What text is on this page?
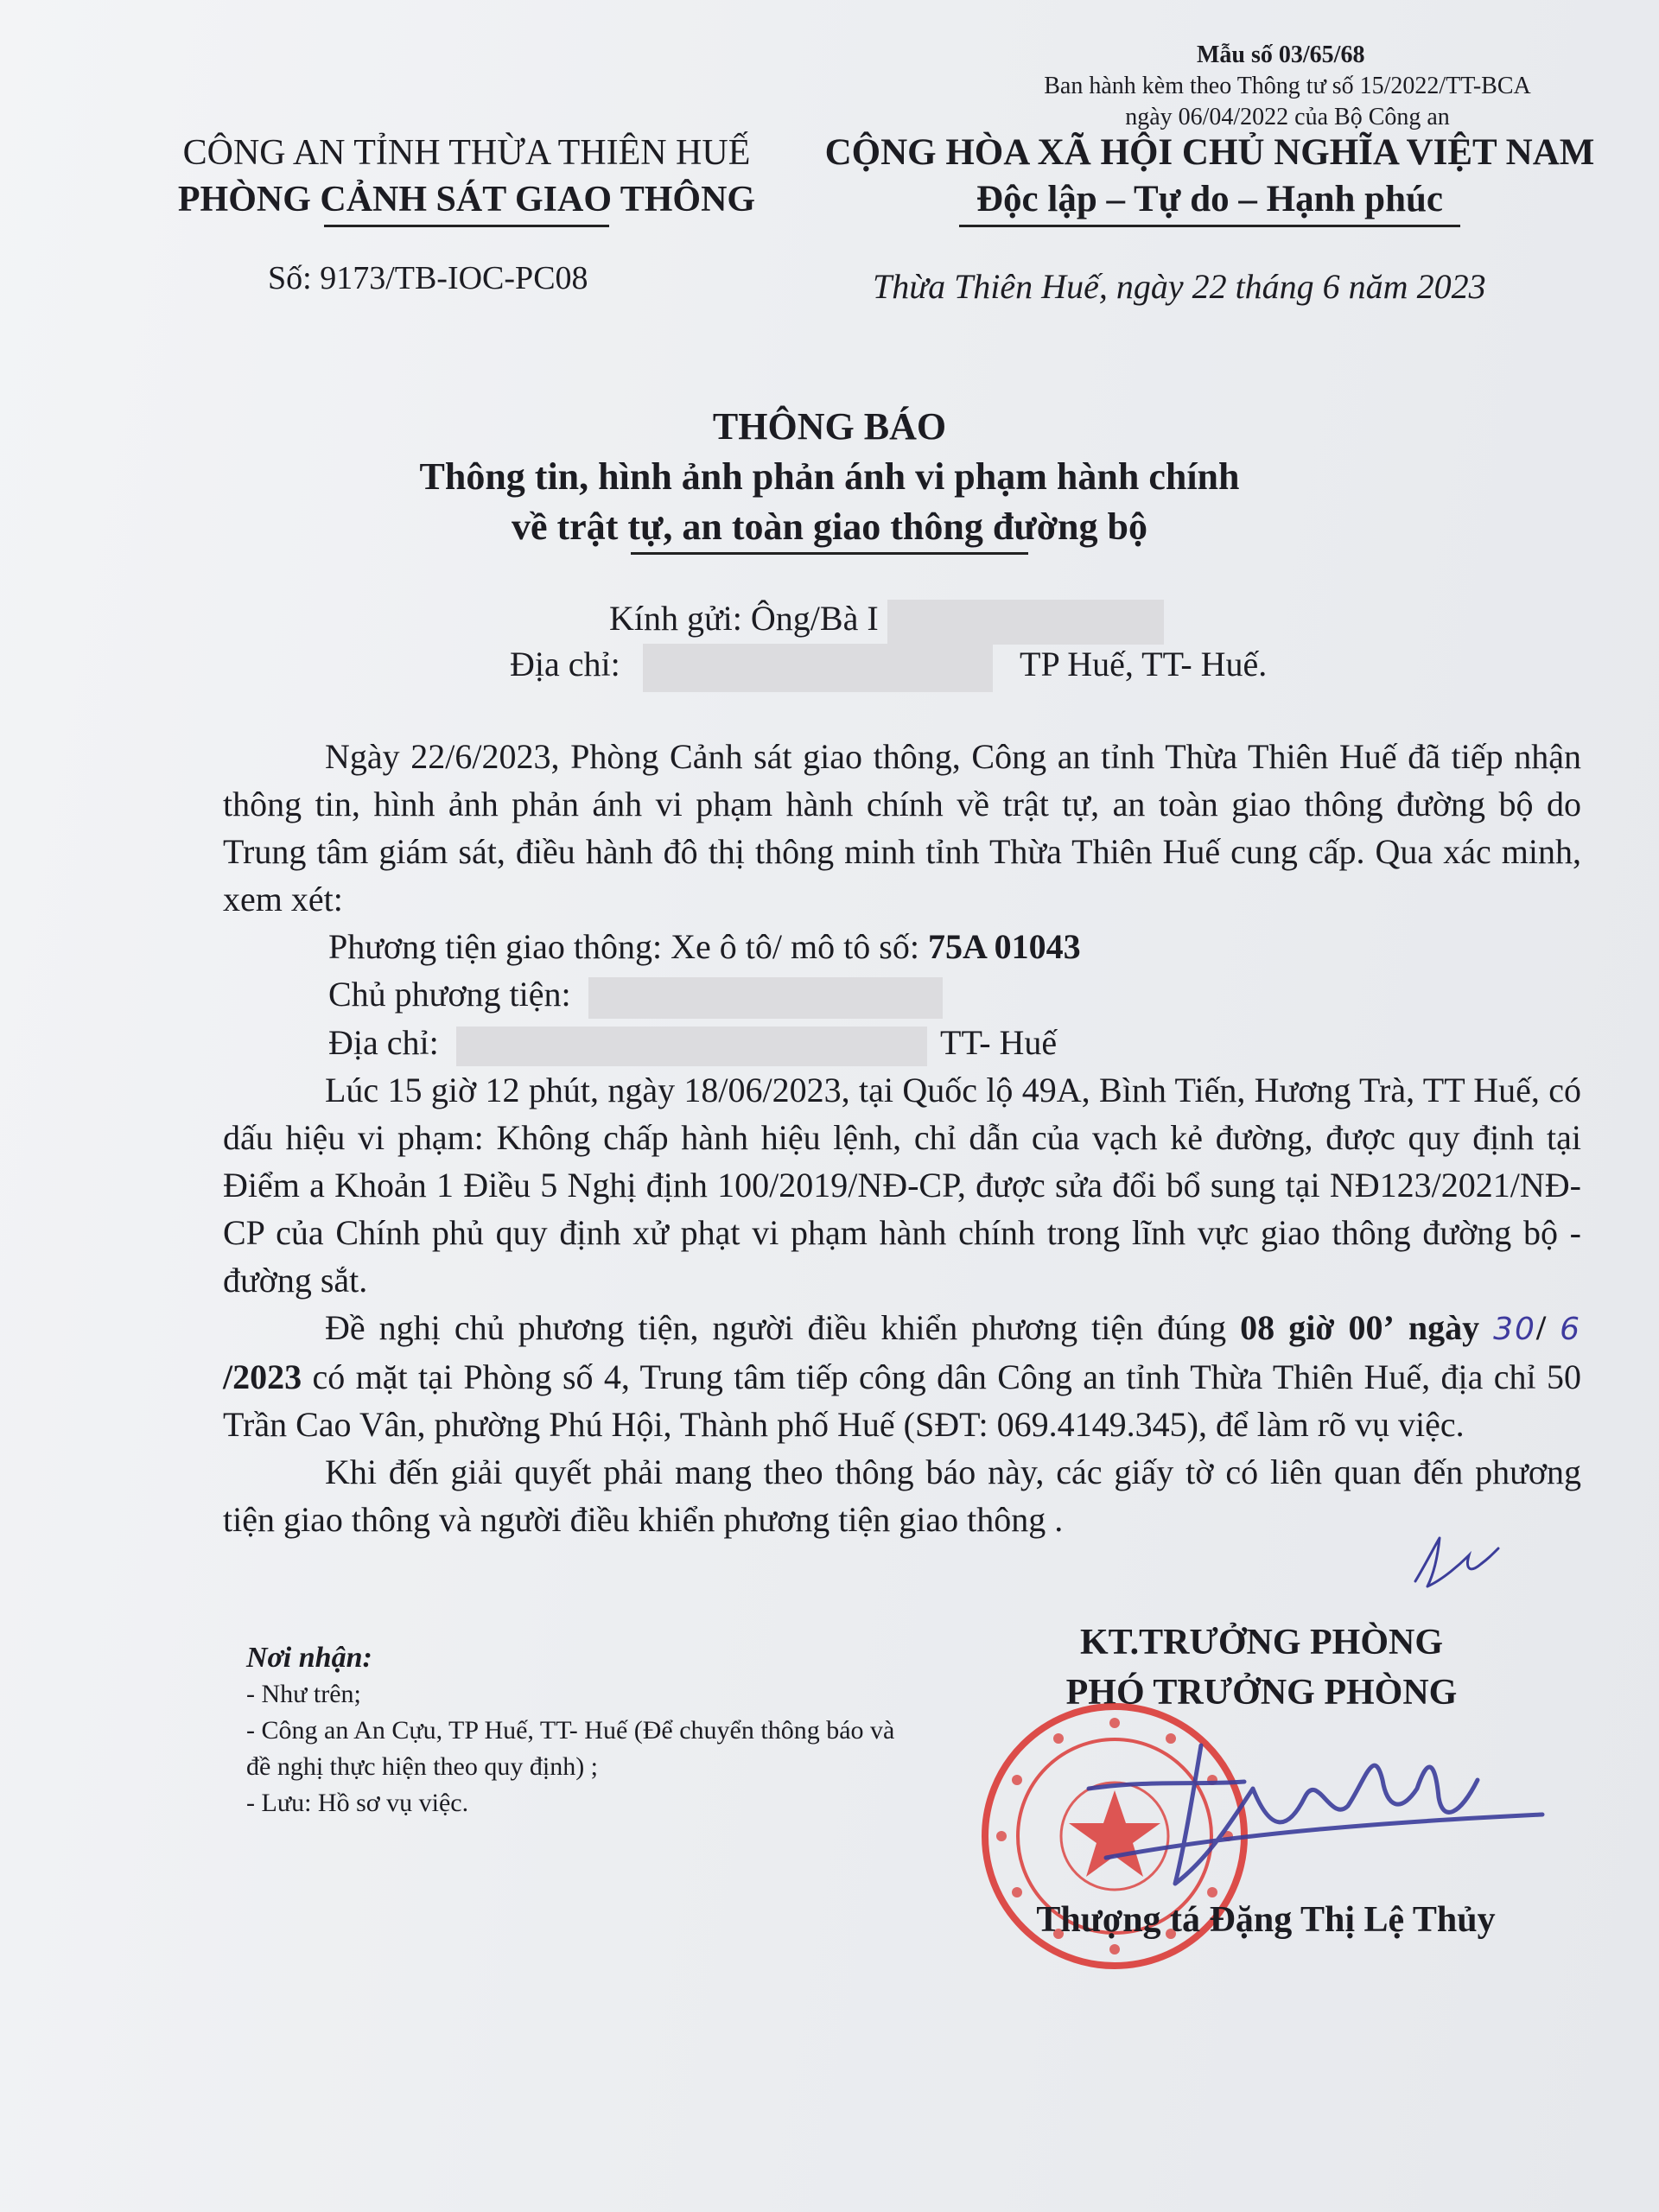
Mẫu số 03/65/68
Ban hành kèm theo Thông tư số 15/2022/TT-BCA
ngày 06/04/2022 của Bộ Công an
CÔNG AN TỈNH THỪA THIÊN HUẾ
PHÒNG CẢNH SÁT GIAO THÔNG
CỘNG HÒA XÃ HỘI CHỦ NGHĨA VIỆT NAM
Độc lập – Tự do – Hạnh phúc
Số: 9173/TB-IOC-PC08	Thừa Thiên Huế, ngày 22 tháng 6 năm 2023
THÔNG BÁO
Thông tin, hình ảnh phản ánh vi phạm hành chính
về trật tự, an toàn giao thông đường bộ
Kính gửi: Ông/Bà I
Địa chỉ:	TP Huế, TT- Huế.

Ngày 22/6/2023, Phòng Cảnh sát giao thông, Công an tỉnh Thừa Thiên Huế đã tiếp nhận thông tin, hình ảnh phản ánh vi phạm hành chính về trật tự, an toàn giao thông đường bộ do Trung tâm giám sát, điều hành đô thị thông minh tỉnh Thừa Thiên Huế cung cấp. Qua xác minh, xem xét:

Phương tiện giao thông: Xe ô tô/ mô tô số: 75A 01043

Chủ phương tiện:

Địa chỉ:	TT- Huế

Lúc 15 giờ 12 phút, ngày 18/06/2023, tại Quốc lộ 49A, Bình Tiến, Hương Trà, TT Huế, có dấu hiệu vi phạm: Không chấp hành hiệu lệnh, chỉ dẫn của vạch kẻ đường, được quy định tại Điểm a Khoản 1 Điều 5 Nghị định 100/2019/NĐ-CP, được sửa đổi bổ sung tại NĐ123/2021/NĐ-CP của Chính phủ quy định xử phạt vi phạm hành chính trong lĩnh vực giao thông đường bộ - đường sắt.

Đề nghị chủ phương tiện, người điều khiển phương tiện đúng 08 giờ 00’ ngày 30/ 6 /2023 có mặt tại Phòng số 4, Trung tâm tiếp công dân Công an tỉnh Thừa Thiên Huế, địa chỉ 50 Trần Cao Vân, phường Phú Hội, Thành phố Huế (SĐT: 069.4149.345), để làm rõ vụ việc.

Khi đến giải quyết phải mang theo thông báo này, các giấy tờ có liên quan đến phương tiện giao thông và người điều khiển phương tiện giao thông .

Nơi nhận:
- Như trên;
- Công an An Cựu, TP Huế, TT- Huế (Để chuyển thông báo và đề nghị thực hiện theo quy định) ;
- Lưu: Hồ sơ vụ việc.
KT.TRƯỞNG PHÒNG
PHÓ TRƯỞNG PHÒNG
Thượng tá Đặng Thị Lệ Thủy
